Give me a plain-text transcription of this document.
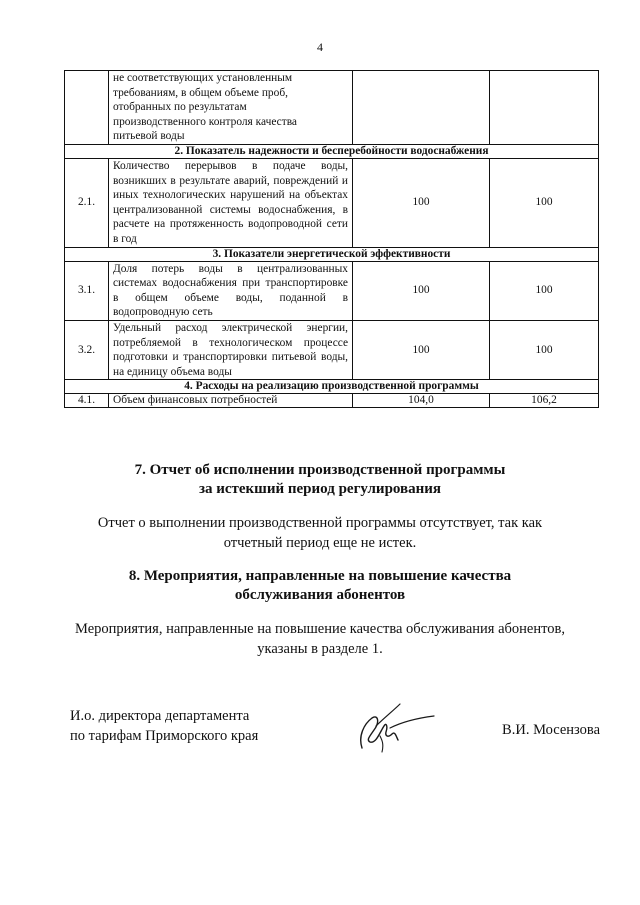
4

	не соответствующих установленным
требованиям, в общем объеме проб,
отобранных по результатам
производственного контроля качества
питьевой воды		

2. Показатель надежности и бесперебойности водоснабжения			
2.1.	Количество перерывов в подаче воды, возникших в результате аварий, повреждений и иных технологических нарушений на объектах централизованной системы водоснабжения, в расчете на протяженность водопроводной сети в год	100	100
3. Показатели энергетической эффективности			
3.1.	Доля потерь воды в централизованных системах водоснабжения при транспортировке в общем объеме воды, поданной в водопроводную сеть	100	100
3.2.	Удельный расход электрической энергии, потребляемой в технологическом процессе подготовки и транспортировки питьевой воды, на единицу объема воды	100	100
4. Расходы на реализацию производственной программы			
4.1.	Объем финансовых потребностей	104,0	106,2
7. Отчет об исполнении производственной программы
за истекший период регулирования
Отчет о выполнении производственной программы отсутствует, так как
отчетный период еще не истек.
8. Мероприятия, направленные на повышение качества
обслуживания абонентов
Мероприятия, направленные на повышение качества обслуживания абонентов,
указаны в разделе 1.
И.о. директора департамента
по тарифам Приморского края	В.И. Мосензова
